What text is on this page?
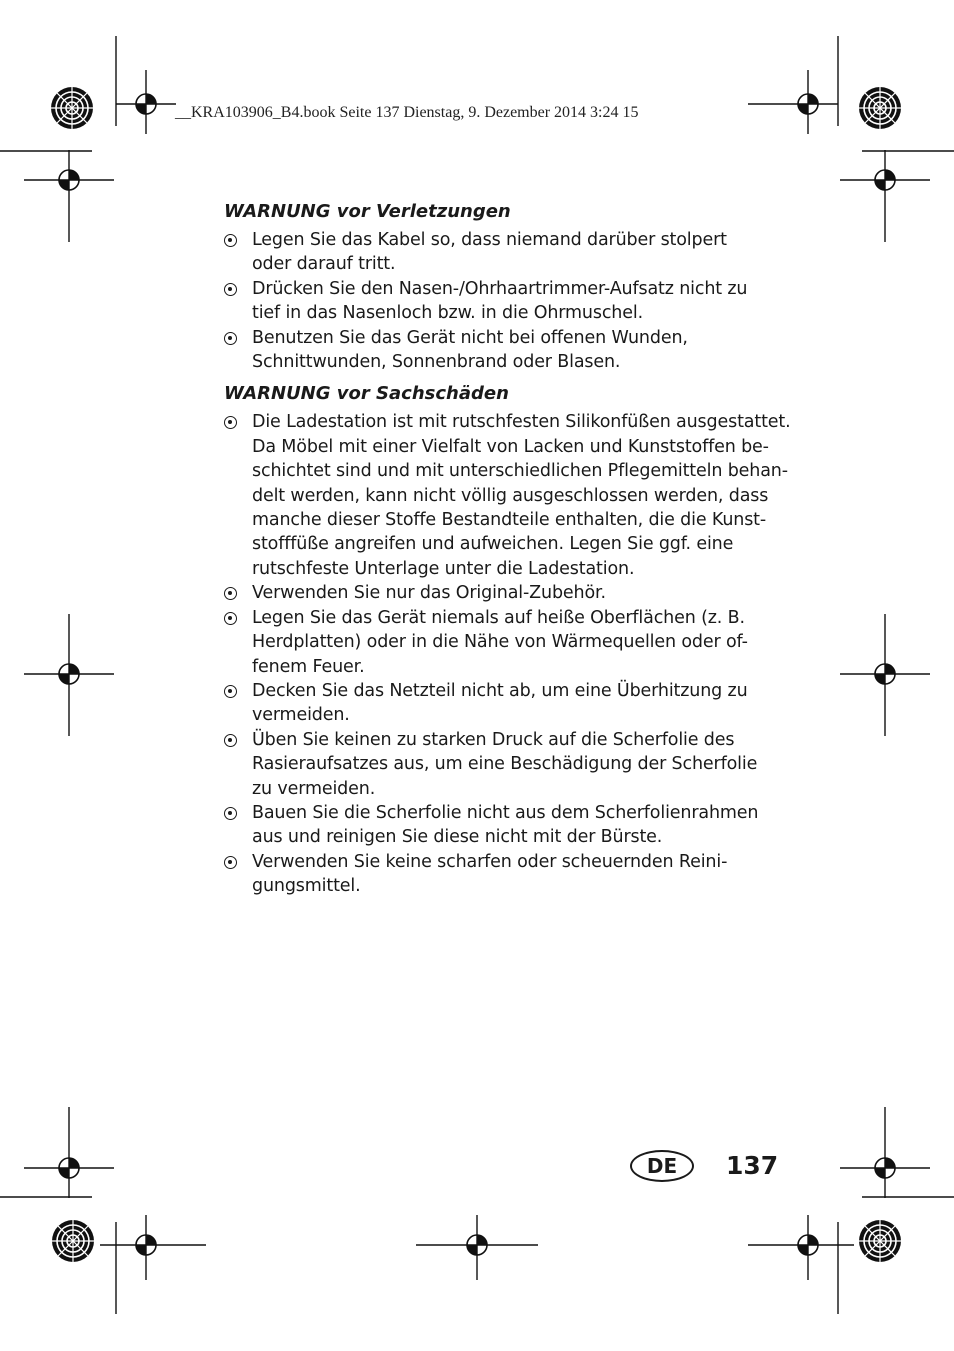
__KRA103906_B4.book Seite 137 Dienstag, 9. Dezember 2014 3:24 15
WARNUNG vor Verletzungen
Legen Sie das Kabel so, dass niemand darüber stolpert
oder darauf tritt.
Drücken Sie den Nasen-/Ohrhaartrimmer-Aufsatz nicht zu
tief in das Nasenloch bzw. in die Ohrmuschel.
Benutzen Sie das Gerät nicht bei offenen Wunden,
Schnittwunden, Sonnenbrand oder Blasen.
WARNUNG vor Sachschäden
Die Ladestation ist mit rutschfesten Silikonfüßen ausgestattet.
Da Möbel mit einer Vielfalt von Lacken und Kunststoffen be-
schichtet sind und mit unterschiedlichen Pflegemitteln behan-
delt werden, kann nicht völlig ausgeschlossen werden, dass
manche dieser Stoffe Bestandteile enthalten, die die Kunst-
stofffüße angreifen und aufweichen. Legen Sie ggf. eine
rutschfeste Unterlage unter die Ladestation.
Verwenden Sie nur das Original-Zubehör.
Legen Sie das Gerät niemals auf heiße Oberflächen (z. B.
Herdplatten) oder in die Nähe von Wärmequellen oder of-
fenem Feuer.
Decken Sie das Netzteil nicht ab, um eine Überhitzung zu
vermeiden.
Üben Sie keinen zu starken Druck auf die Scherfolie des
Rasieraufsatzes aus, um eine Beschädigung der Scherfolie
zu vermeiden.
Bauen Sie die Scherfolie nicht aus dem Scherfolienrahmen
aus und reinigen Sie diese nicht mit der Bürste.
Verwenden Sie keine scharfen oder scheuernden Reini-
gungsmittel.
DE	137
